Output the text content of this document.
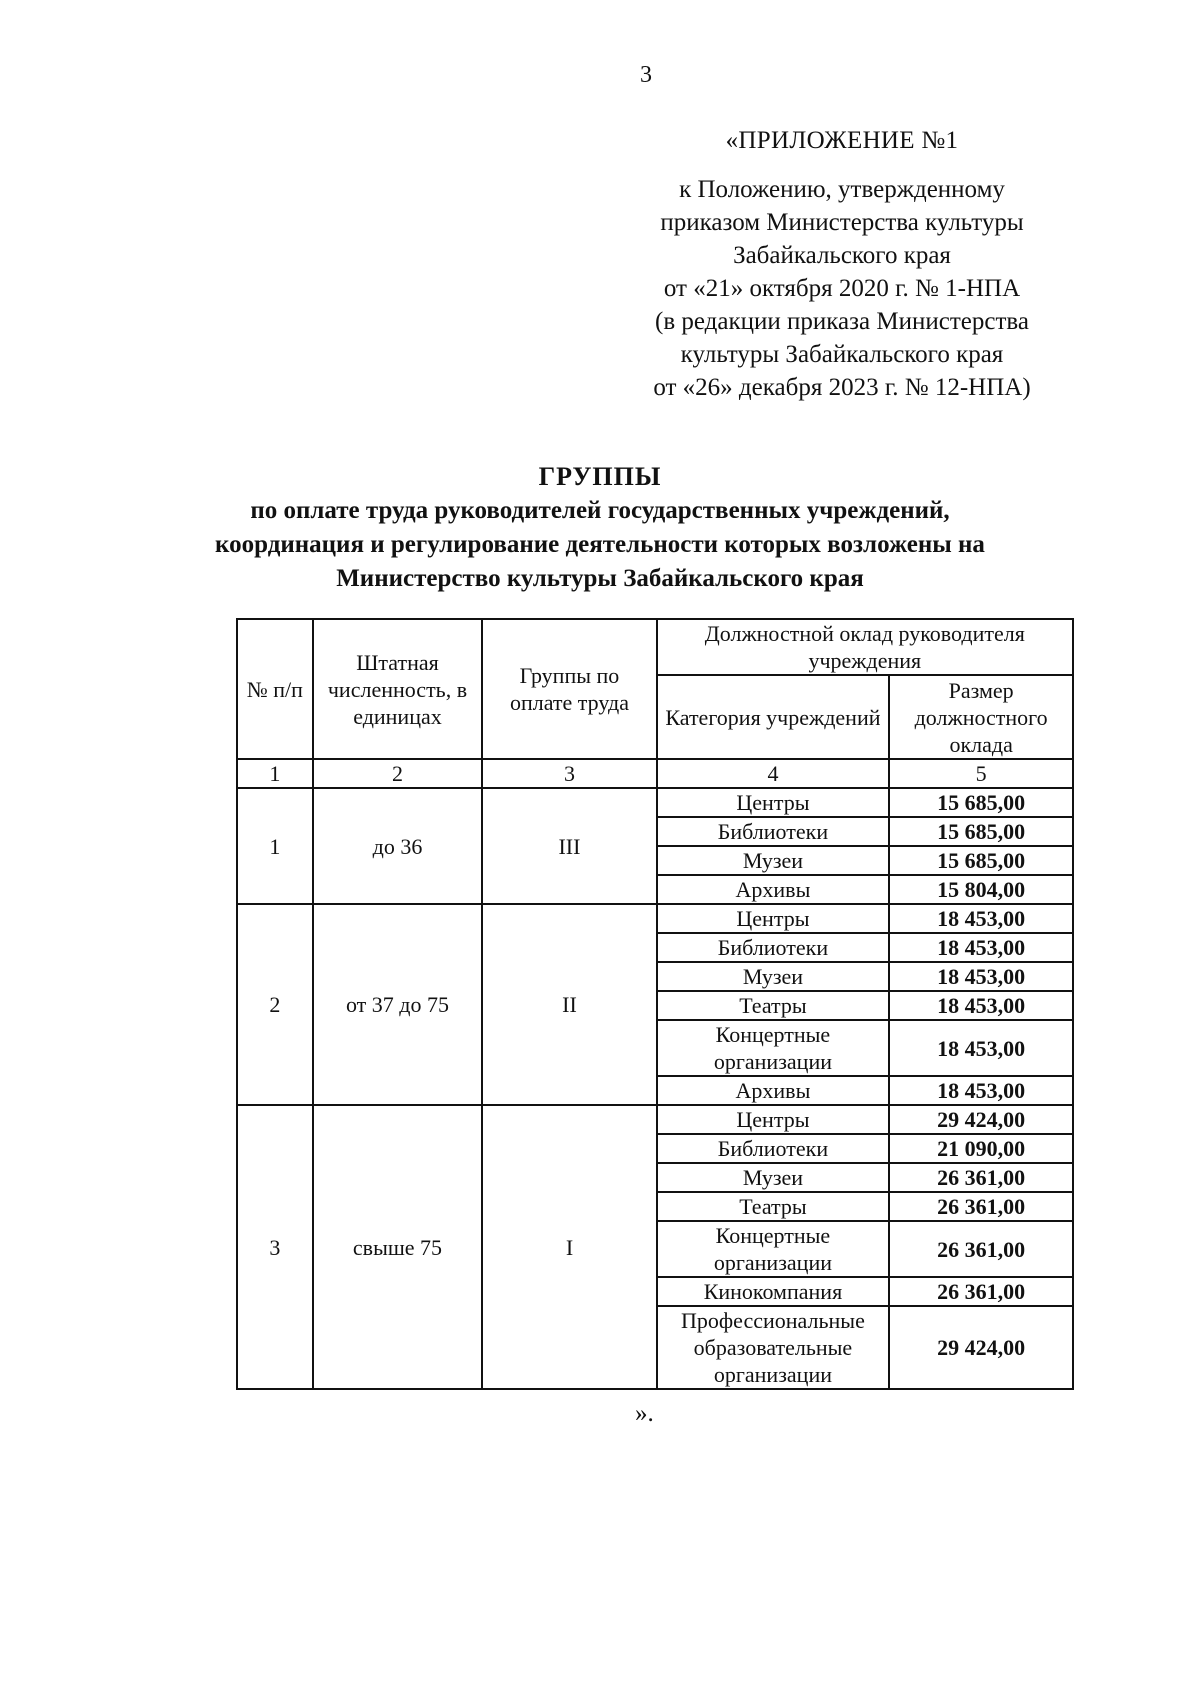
3
«ПРИЛОЖЕНИЕ №1
к Положению, утвержденному
приказом Министерства культуры
Забайкальского края
от «21» октября 2020 г. № 1-НПА
(в редакции приказа Министерства
культуры Забайкальского края
от «26» декабря 2023 г. № 12-НПА)
ГРУППЫ
по оплате труда руководителей государственных учреждений,
координация и регулирование деятельности которых возложены на
Министерство культуры Забайкальского края
№ п/п	Штатная численность, в единицах	Группы по оплате труда	Должностной оклад руководителя учреждения	
			Категория учреждений	Размер должностного оклада
1	2	3	4	5
1	до 36	III	Центры	15 685,00
			Библиотеки	15 685,00
			Музеи	15 685,00
			Архивы	15 804,00
2	от 37 до 75	II	Центры	18 453,00
			Библиотеки	18 453,00
			Музеи	18 453,00
			Театры	18 453,00
			Концертные организации	18 453,00
			Архивы	18 453,00
3	свыше 75	I	Центры	29 424,00
			Библиотеки	21 090,00
			Музеи	26 361,00
			Театры	26 361,00
			Концертные организации	26 361,00
			Кинокомпания	26 361,00
			Профессиональные образовательные организации	29 424,00
».
